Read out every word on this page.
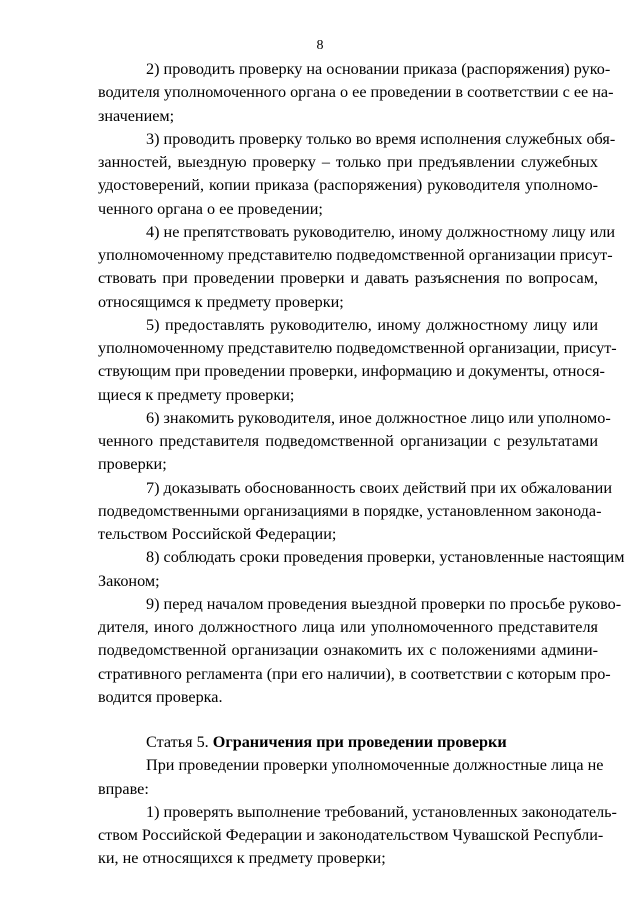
8
2) проводить проверку на основании приказа (распоряжения) руко-
водителя уполномоченного органа о ее проведении в соответствии с ее на-
значением;
3) проводить проверку только во время исполнения служебных обя-
занностей, выездную проверку – только при предъявлении служебных
удостоверений, копии приказа (распоряжения) руководителя уполномо-
ченного органа о ее проведении;
4) не препятствовать руководителю, иному должностному лицу или
уполномоченному представителю подведомственной организации присут-
ствовать при проведении проверки и давать разъяснения по вопросам,
относящимся к предмету проверки;
5) предоставлять руководителю, иному должностному лицу или
уполномоченному представителю подведомственной организации, присут-
ствующим при проведении проверки, информацию и документы, относя-
щиеся к предмету проверки;
6) знакомить руководителя, иное должностное лицо или уполномо-
ченного представителя подведомственной организации с результатами
проверки;
7) доказывать обоснованность своих действий при их обжаловании
подведомственными организациями в порядке, установленном законода-
тельством Российской Федерации;
8) соблюдать сроки проведения проверки, установленные настоящим
Законом;
9) перед началом проведения выездной проверки по просьбе руково-
дителя, иного должностного лица или уполномоченного представителя
подведомственной организации ознакомить их с положениями админи-
стративного регламента (при его наличии), в соответствии с которым про-
водится проверка.
Статья 5. Ограничения при проведении проверки
При проведении проверки уполномоченные должностные лица не
вправе:
1) проверять выполнение требований, установленных законодатель-
ством Российской Федерации и законодательством Чувашской Республи-
ки, не относящихся к предмету проверки;
